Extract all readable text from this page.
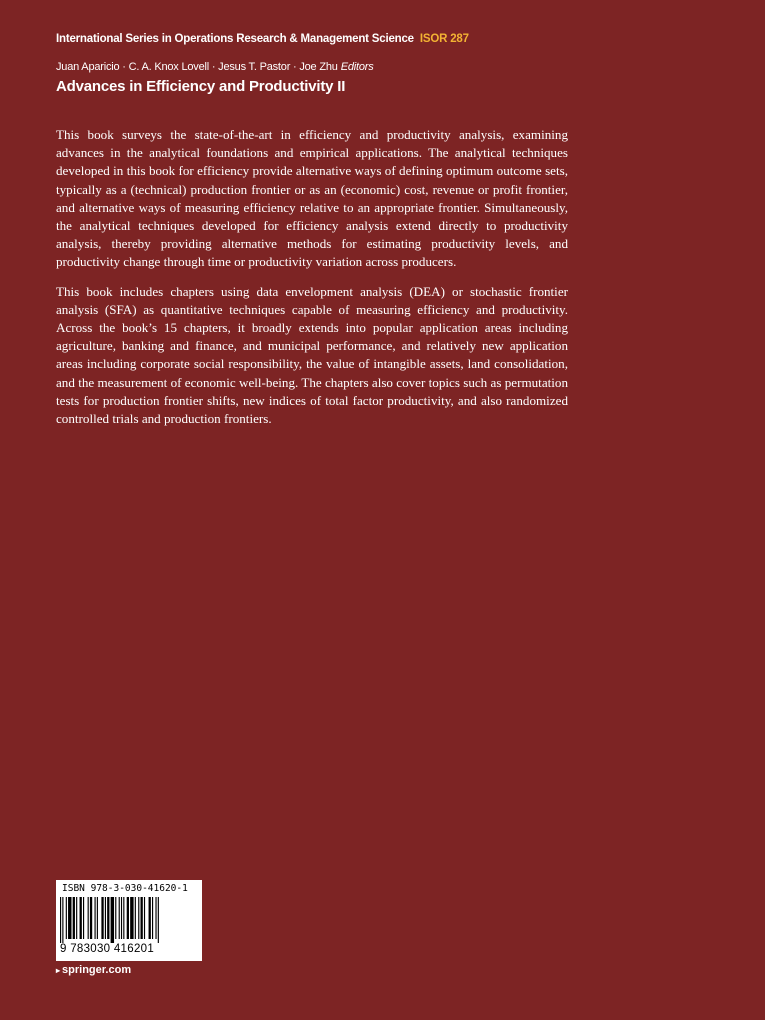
International Series in Operations Research & Management Science ISOR 287
Juan Aparicio · C. A. Knox Lovell · Jesus T. Pastor · Joe Zhu Editors
Advances in Efficiency and Productivity II

This book surveys the state-of-the-art in efficiency and productivity analysis, examining advances in the analytical foundations and empirical applications. The analytical techniques developed in this book for efficiency provide alternative ways of defining optimum outcome sets, typically as a (technical) production frontier or as an (economic) cost, revenue or profit frontier, and alternative ways of measuring efficiency relative to an appropriate frontier. Simultaneously, the analytical techniques developed for efficiency analysis extend directly to productivity analysis, thereby providing alternative methods for estimating productivity levels, and productivity change through time or productivity variation across producers.

This book includes chapters using data envelopment analysis (DEA) or stochastic frontier analysis (SFA) as quantitative techniques capable of measuring efficiency and productivity. Across the book’s 15 chapters, it broadly extends into popular application areas including agriculture, banking and finance, and municipal performance, and relatively new application areas including corporate social responsibility, the value of intangible assets, land consolidation, and the measurement of economic well-being. The chapters also cover topics such as permutation tests for production frontier shifts, new indices of total factor productivity, and also randomized controlled trials and production frontiers.

ISBN 978-3-030-41620-1
9 783030 416201
▸ springer.com
